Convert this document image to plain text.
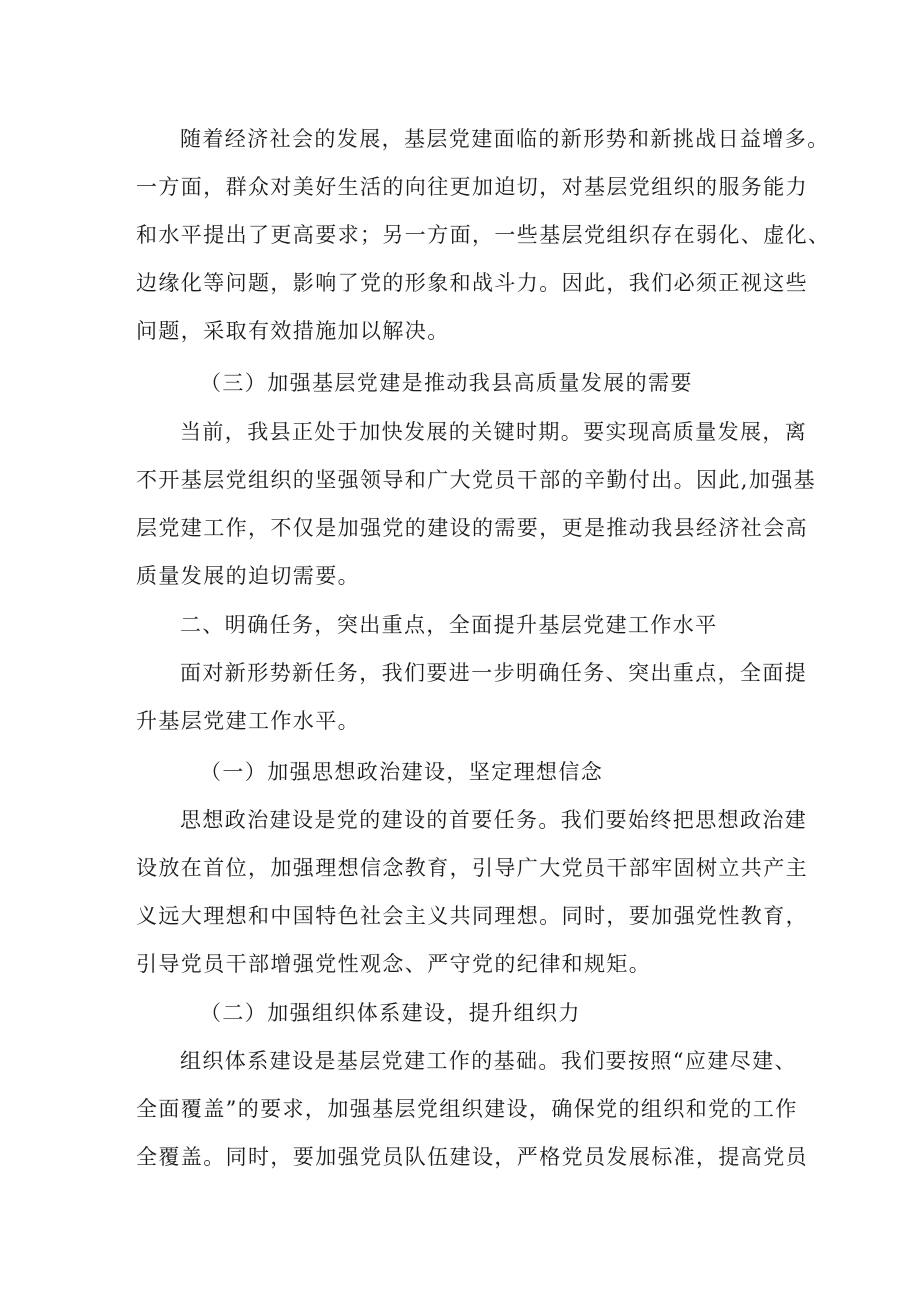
随着经济社会的发展，基层党建面临的新形势和新挑战日益增多。
一方面，群众对美好生活的向往更加迫切，对基层党组织的服务能力
和水平提出了更高要求；另一方面，一些基层党组织存在弱化、虚化、
边缘化等问题，影响了党的形象和战斗力。因此，我们必须正视这些
问题，采取有效措施加以解决。
（三）加强基层党建是推动我县高质量发展的需要
当前，我县正处于加快发展的关键时期。要实现高质量发展，离
不开基层党组织的坚强领导和广大党员干部的辛勤付出。因此,加强基
层党建工作，不仅是加强党的建设的需要，更是推动我县经济社会高
质量发展的迫切需要。
二、明确任务，突出重点，全面提升基层党建工作水平
面对新形势新任务，我们要进一步明确任务、突出重点，全面提
升基层党建工作水平。
（一）加强思想政治建设，坚定理想信念
思想政治建设是党的建设的首要任务。我们要始终把思想政治建
设放在首位，加强理想信念教育，引导广大党员干部牢固树立共产主
义远大理想和中国特色社会主义共同理想。同时，要加强党性教育，
引导党员干部增强党性观念、严守党的纪律和规矩。
（二）加强组织体系建设，提升组织力
组织体系建设是基层党建工作的基础。我们要按照“应建尽建、
全面覆盖”的要求，加强基层党组织建设，确保党的组织和党的工作
全覆盖。同时，要加强党员队伍建设，严格党员发展标准，提高党员
